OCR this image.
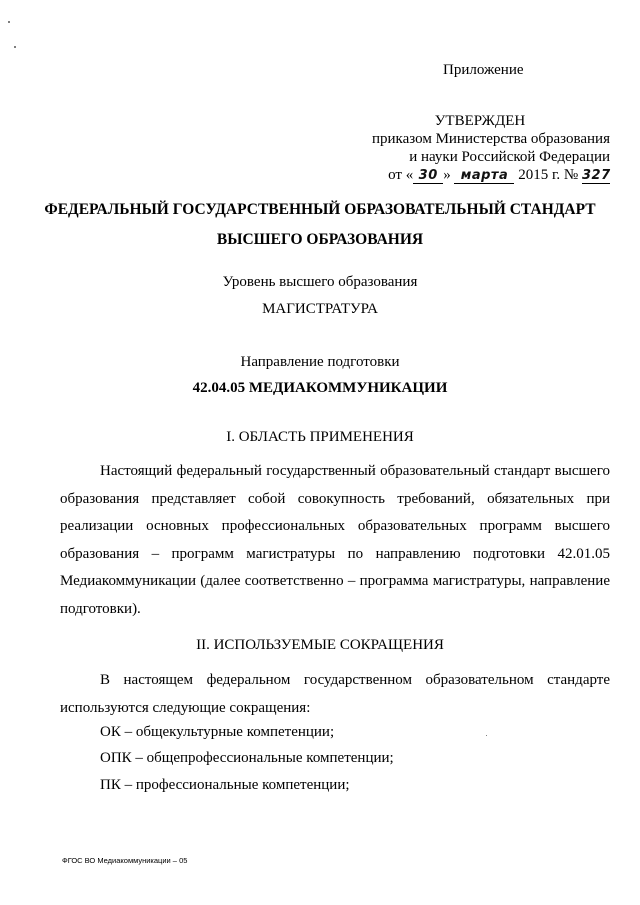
Приложение
УТВЕРЖДЕН
приказом Министерства образования
и науки Российской Федерации
от « 30 » марта 2015 г. № 327
ФЕДЕРАЛЬНЫЙ ГОСУДАРСТВЕННЫЙ ОБРАЗОВАТЕЛЬНЫЙ СТАНДАРТ
ВЫСШЕГО ОБРАЗОВАНИЯ
Уровень высшего образования
МАГИСТРАТУРА
Направление подготовки
42.04.05 МЕДИАКОММУНИКАЦИИ
I. ОБЛАСТЬ ПРИМЕНЕНИЯ
Настоящий федеральный государственный образовательный стандарт высшего образования представляет собой совокупность требований, обязательных при реализации основных профессиональных образовательных программ высшего образования – программ магистратуры по направлению подготовки 42.01.05 Медиакоммуникации (далее соответственно – программа магистратуры, направление подготовки).
II. ИСПОЛЬЗУЕМЫЕ СОКРАЩЕНИЯ
В настоящем федеральном государственном образовательном стандарте используются следующие сокращения:
ОК – общекультурные компетенции;
ОПК – общепрофессиональные компетенции;
ПК – профессиональные компетенции;
ФГОС ВО Медиакоммуникации – 05
